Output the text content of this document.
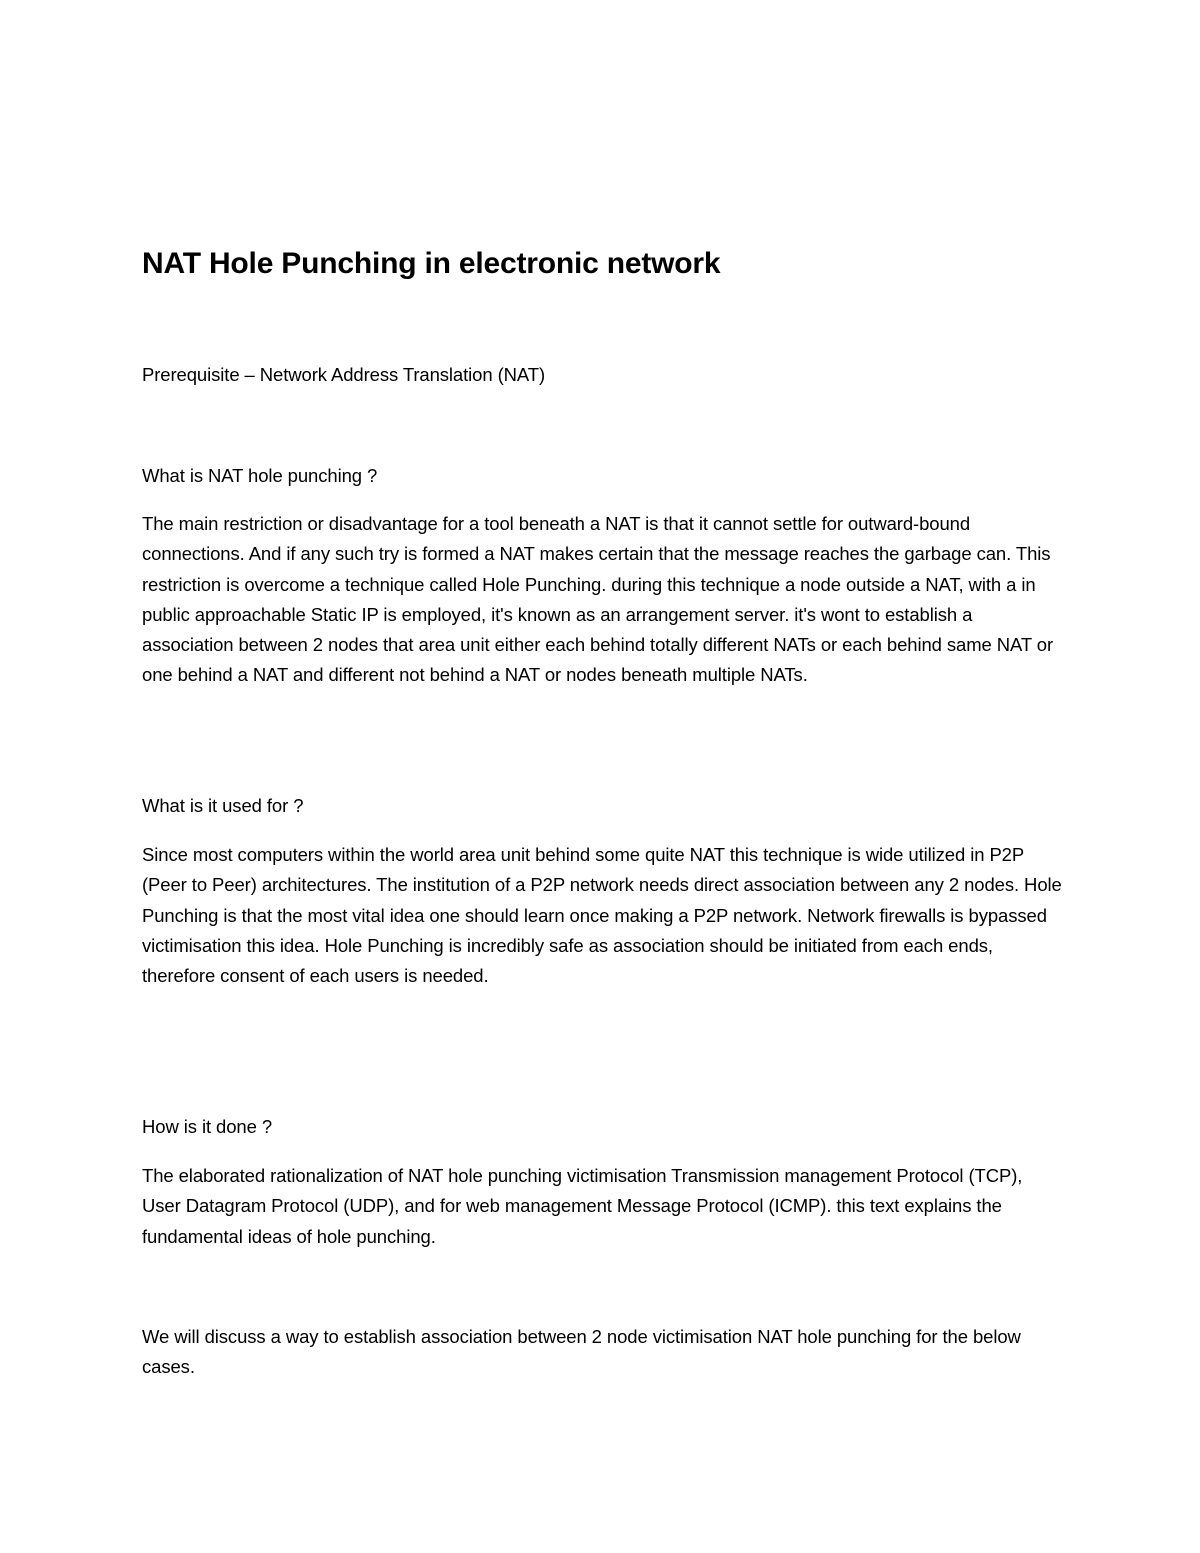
NAT Hole Punching in electronic network

Prerequisite – Network Address Translation (NAT)

What is NAT hole punching ?

The main restriction or disadvantage for a tool beneath a NAT is that it cannot settle for outward-bound connections. And if any such try is formed a NAT makes certain that the message reaches the garbage can. This restriction is overcome a technique called Hole Punching. during this technique a node outside a NAT, with a in public approachable Static IP is employed, it's known as an arrangement server. it's wont to establish a association between 2 nodes that area unit either each behind totally different NATs or each behind same NAT or one behind a NAT and different not behind a NAT or nodes beneath multiple NATs.

What is it used for ?

Since most computers within the world area unit behind some quite NAT this technique is wide utilized in P2P (Peer to Peer) architectures. The institution of a P2P network needs direct association between any 2 nodes. Hole Punching is that the most vital idea one should learn once making a P2P network. Network firewalls is bypassed victimisation this idea. Hole Punching is incredibly safe as association should be initiated from each ends, therefore consent of each users is needed.

How is it done ?

The elaborated rationalization of NAT hole punching victimisation Transmission management Protocol (TCP), User Datagram Protocol (UDP), and for web management Message Protocol (ICMP). this text explains the fundamental ideas of hole punching.

We will discuss a way to establish association between 2 node victimisation NAT hole punching for the below cases.
